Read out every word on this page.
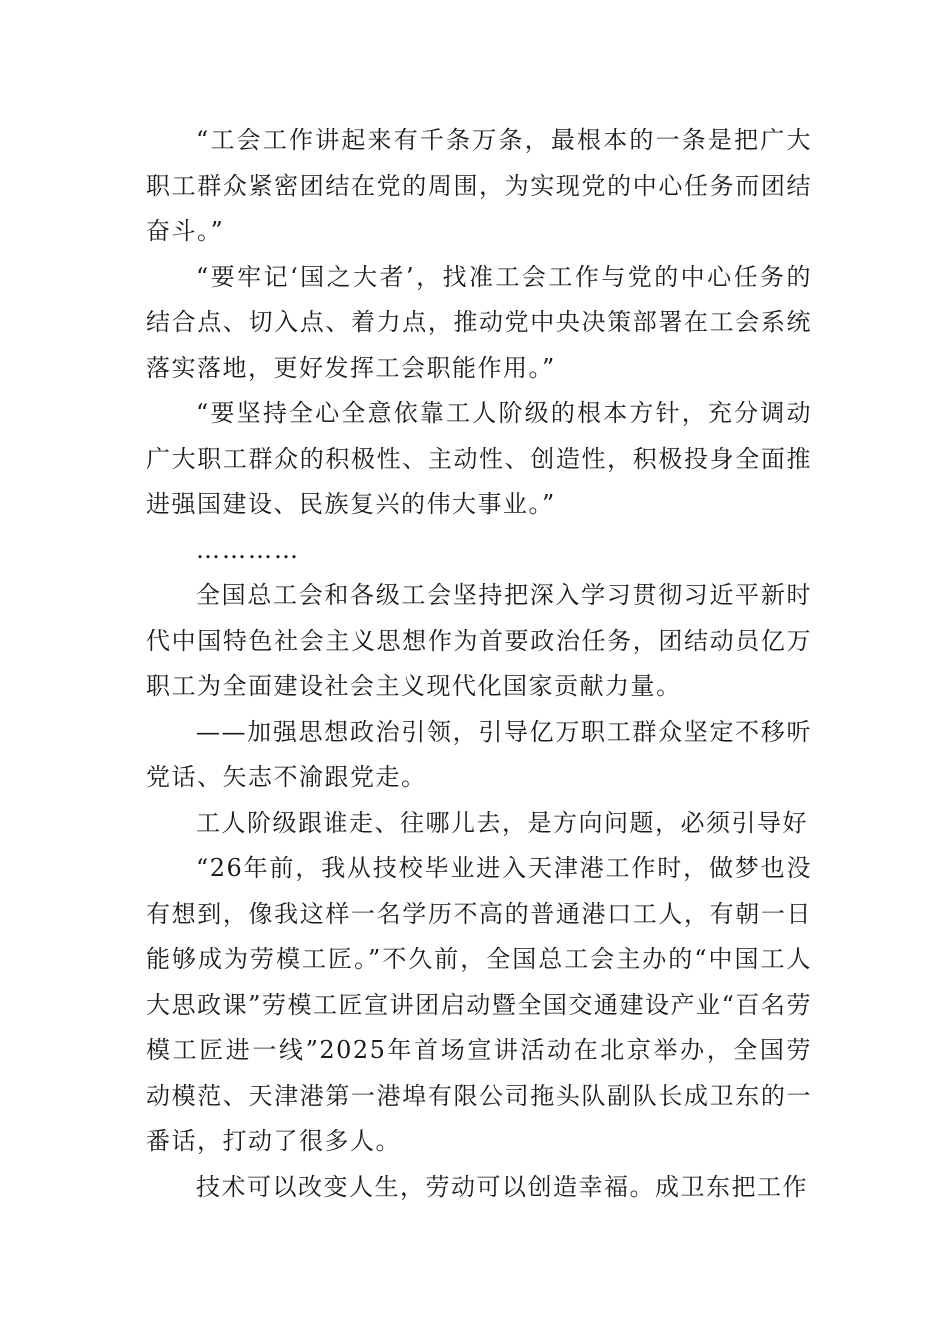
“工会工作讲起来有千条万条，最根本的一条是把广大职工群众紧密团结在党的周围，为实现党的中心任务而团结奋斗。”

“要牢记‘国之大者’，找准工会工作与党的中心任务的结合点、切入点、着力点，推动党中央决策部署在工会系统落实落地，更好发挥工会职能作用。”

“要坚持全心全意依靠工人阶级的根本方针，充分调动广大职工群众的积极性、主动性、创造性，积极投身全面推进强国建设、民族复兴的伟大事业。”

…………

全国总工会和各级工会坚持把深入学习贯彻习近平新时代中国特色社会主义思想作为首要政治任务，团结动员亿万职工为全面建设社会主义现代化国家贡献力量。

——加强思想政治引领，引导亿万职工群众坚定不移听党话、矢志不渝跟党走。

工人阶级跟谁走、往哪儿去，是方向问题，必须引导好

“26年前，我从技校毕业进入天津港工作时，做梦也没有想到，像我这样一名学历不高的普通港口工人，有朝一日能够成为劳模工匠。”不久前，全国总工会主办的“中国工人大思政课”劳模工匠宣讲团启动暨全国交通建设产业“百名劳模工匠进一线”2025年首场宣讲活动在北京举办，全国劳动模范、天津港第一港埠有限公司拖头队副队长成卫东的一番话，打动了很多人。

技术可以改变人生，劳动可以创造幸福。成卫东把工作
